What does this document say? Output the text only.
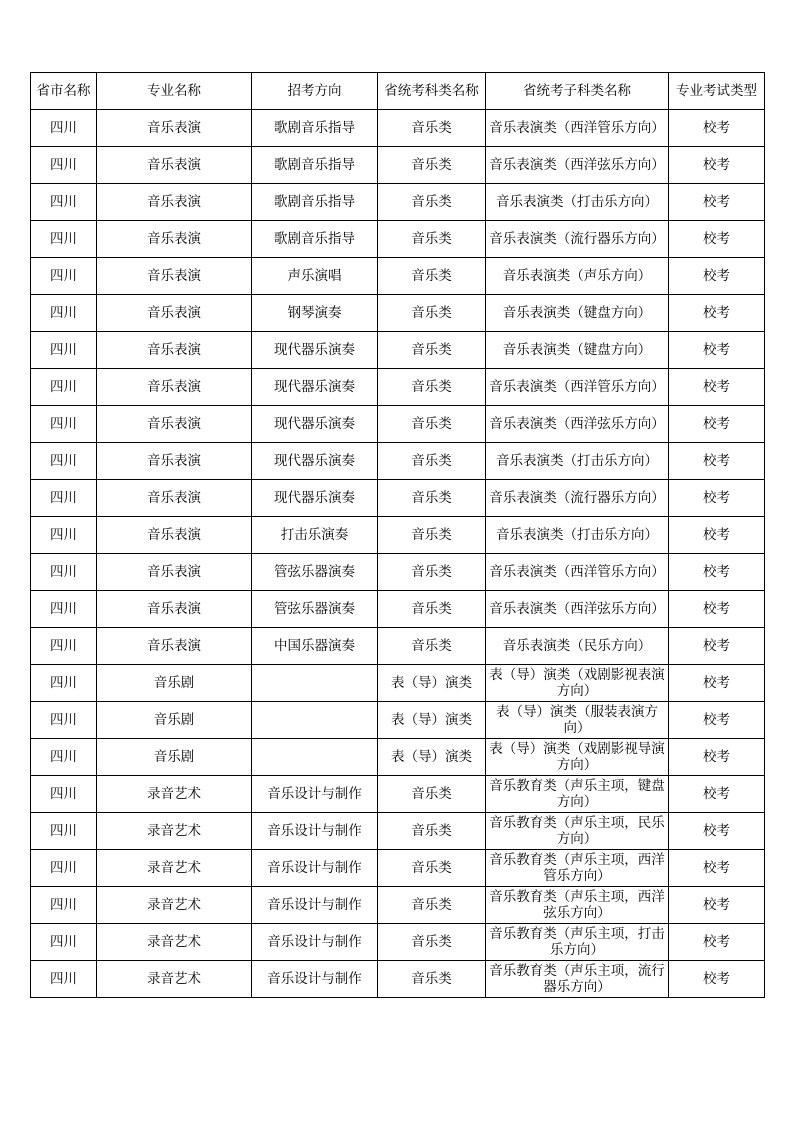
省市名称	专业名称	招考方向	省统考科类名称	省统考子科类名称	专业考试类型
四川	音乐表演	歌剧音乐指导	音乐类	音乐表演类（西洋管乐方向）	校考
四川	音乐表演	歌剧音乐指导	音乐类	音乐表演类（西洋弦乐方向）	校考
四川	音乐表演	歌剧音乐指导	音乐类	音乐表演类（打击乐方向）	校考
四川	音乐表演	歌剧音乐指导	音乐类	音乐表演类（流行器乐方向）	校考
四川	音乐表演	声乐演唱	音乐类	音乐表演类（声乐方向）	校考
四川	音乐表演	钢琴演奏	音乐类	音乐表演类（键盘方向）	校考
四川	音乐表演	现代器乐演奏	音乐类	音乐表演类（键盘方向）	校考
四川	音乐表演	现代器乐演奏	音乐类	音乐表演类（西洋管乐方向）	校考
四川	音乐表演	现代器乐演奏	音乐类	音乐表演类（西洋弦乐方向）	校考
四川	音乐表演	现代器乐演奏	音乐类	音乐表演类（打击乐方向）	校考
四川	音乐表演	现代器乐演奏	音乐类	音乐表演类（流行器乐方向）	校考
四川	音乐表演	打击乐演奏	音乐类	音乐表演类（打击乐方向）	校考
四川	音乐表演	管弦乐器演奏	音乐类	音乐表演类（西洋管乐方向）	校考
四川	音乐表演	管弦乐器演奏	音乐类	音乐表演类（西洋弦乐方向）	校考
四川	音乐表演	中国乐器演奏	音乐类	音乐表演类（民乐方向）	校考
四川	音乐剧		表（导）演类	表（导）演类（戏剧影视表演方向）	校考
四川	音乐剧		表（导）演类	表（导）演类（服装表演方向）	校考
四川	音乐剧		表（导）演类	表（导）演类（戏剧影视导演方向）	校考
四川	录音艺术	音乐设计与制作	音乐类	音乐教育类（声乐主项，键盘方向）	校考
四川	录音艺术	音乐设计与制作	音乐类	音乐教育类（声乐主项，民乐方向）	校考
四川	录音艺术	音乐设计与制作	音乐类	音乐教育类（声乐主项，西洋管乐方向）	校考
四川	录音艺术	音乐设计与制作	音乐类	音乐教育类（声乐主项，西洋弦乐方向）	校考
四川	录音艺术	音乐设计与制作	音乐类	音乐教育类（声乐主项，打击乐方向）	校考
四川	录音艺术	音乐设计与制作	音乐类	音乐教育类（声乐主项，流行器乐方向）	校考
